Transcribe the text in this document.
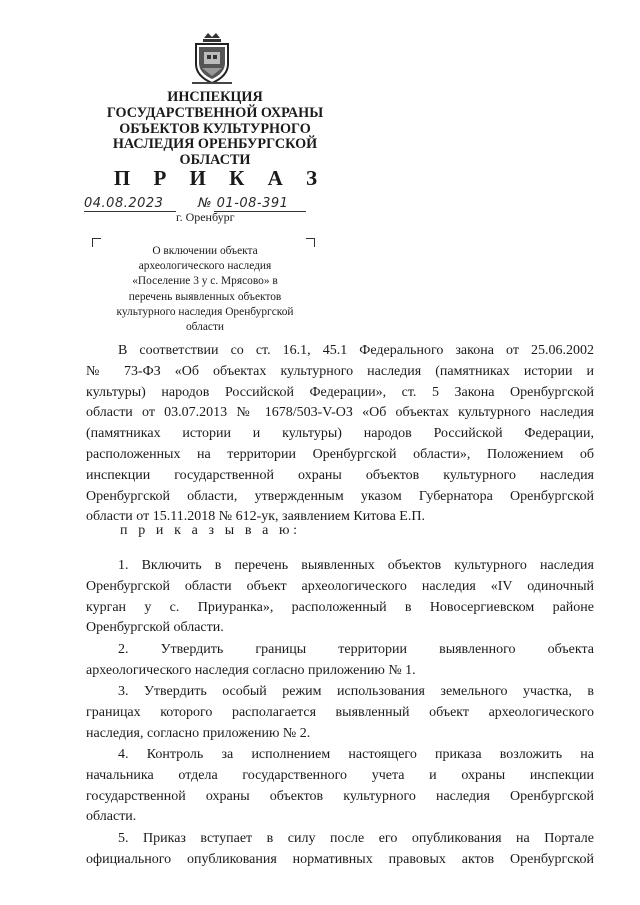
ИНСПЕКЦИЯ
ГОСУДАРСТВЕННОЙ ОХРАНЫ
ОБЪЕКТОВ КУЛЬТУРНОГО
НАСЛЕДИЯ ОРЕНБУРГСКОЙ
ОБЛАСТИ
П Р И К А З
04.08.2023	№ 01-08-391
г. Оренбург
О включении объекта
археологического наследия
«Поселение 3 у с. Мрясово» в
перечень выявленных объектов
культурного наследия Оренбургской
области
В соответствии со ст. 16.1, 45.1 Федерального закона от 25.06.2002
№ 73-ФЗ «Об объектах культурного наследия (памятниках истории и
культуры) народов Российской Федерации», ст. 5 Закона Оренбургской
области от 03.07.2013 № 1678/503-V-ОЗ «Об объектах культурного наследия
(памятниках истории и культуры) народов Российской Федерации,
расположенных на территории Оренбургской области», Положением об
инспекции государственной охраны объектов культурного наследия
Оренбургской области, утвержденным указом Губернатора Оренбургской
области от 15.11.2018 № 612-ук, заявлением Китова Е.П.
п р и к а з ы в а ю:
1. Включить в перечень выявленных объектов культурного наследия
Оренбургской области объект археологического наследия «IV одиночный
курган у с. Приуранка», расположенный в Новосергиевском районе
Оренбургской области.
2. Утвердить границы территории выявленного объекта
археологического наследия согласно приложению № 1.
3. Утвердить особый режим использования земельного участка, в
границах которого располагается выявленный объект археологического
наследия, согласно приложению № 2.
4. Контроль за исполнением настоящего приказа возложить на
начальника отдела государственного учета и охраны инспекции
государственной охраны объектов культурного наследия Оренбургской
области.
5. Приказ вступает в силу после его опубликования на Портале
официального опубликования нормативных правовых актов Оренбургской
